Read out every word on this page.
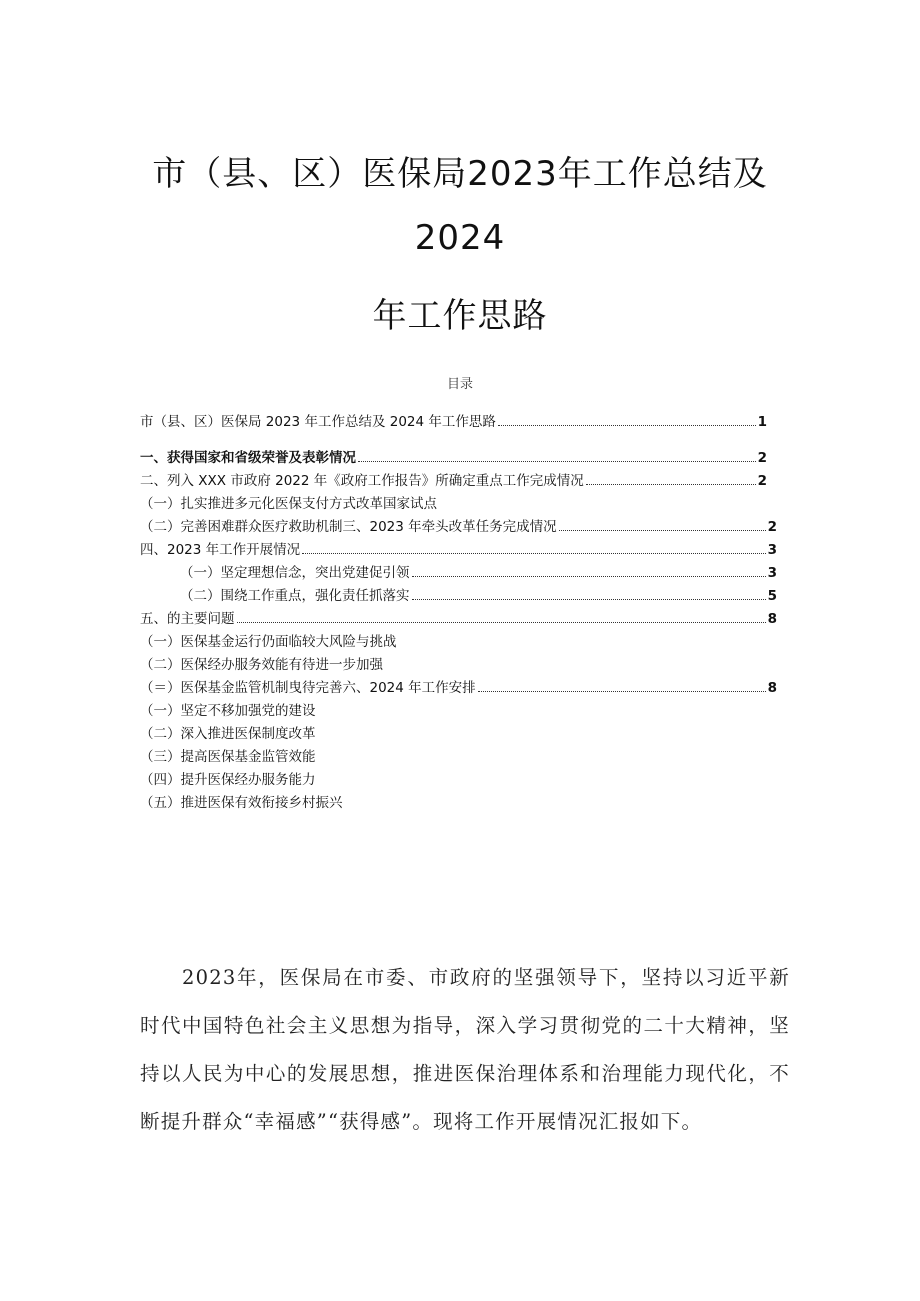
市（县、区）医保局2023年工作总结及
2024
年工作思路
目录
市（县、区）医保局 2023 年工作总结及 2024 年工作思路	1
一、获得国家和省级荣誉及表彰情况	2
二、列入 XXX 市政府 2022 年《政府工作报告》所确定重点工作完成情况	2
（一）扎实推进多元化医保支付方式改革国家试点
（二）完善困难群众医疗救助机制三、2023 年牵头改革任务完成情况	2
四、2023 年工作开展情况	3
（一）坚定理想信念，突出党建促引领	3
（二）围绕工作重点，强化责任抓落实	5
五、的主要问题	8
（一）医保基金运行仍面临较大风险与挑战
（二）医保经办服务效能有待进一步加强
（＝）医保基金监管机制曳待完善六、2024 年工作安排	8
（一）坚定不移加强党的建设
（二）深入推进医保制度改革
（三）提高医保基金监管效能
（四）提升医保经办服务能力
（五）推进医保有效衔接乡村振兴

2023年，医保局在市委、市政府的坚强领导下，坚持以习近平新时代中国特色社会主义思想为指导，深入学习贯彻党的二十大精神，坚持以人民为中心的发展思想，推进医保治理体系和治理能力现代化，不断提升群众“幸福感”“获得感”。现将工作开展情况汇报如下。
